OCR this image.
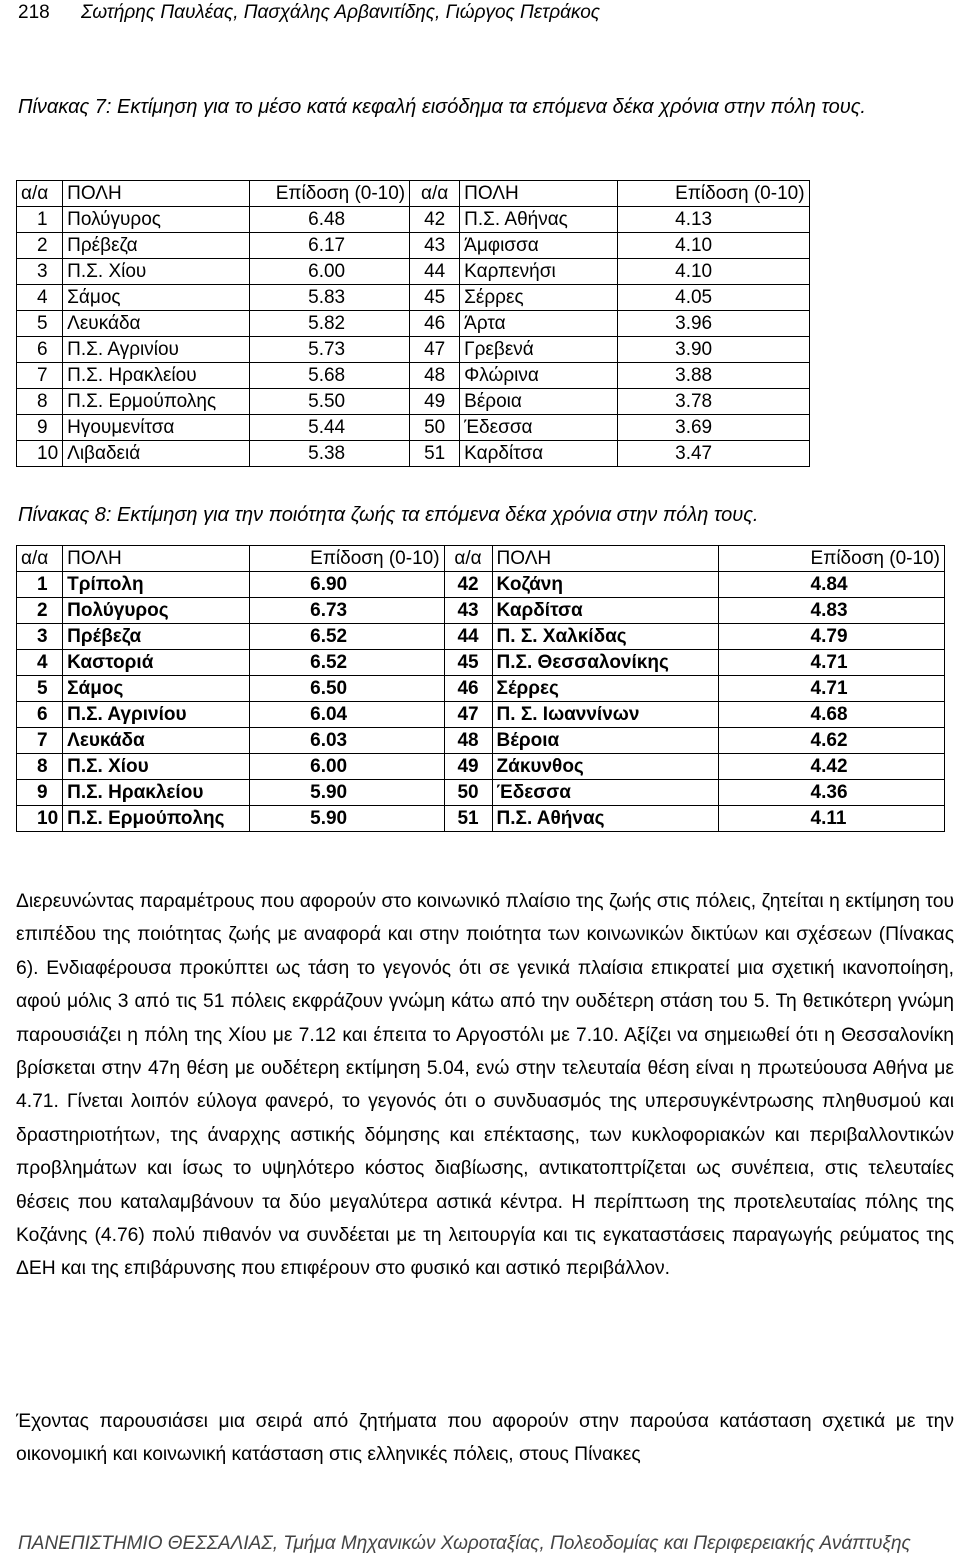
218 Σωτήρης Παυλέας, Πασχάλης Αρβανιτίδης, Γιώργος Πετράκος
Πίνακας 7: Εκτίμηση για το μέσο κατά κεφαλή εισόδημα τα επόμενα δέκα χρόνια στην πόλη τους.
α/α	ΠΟΛΗ	Επίδοση (0-10)	α/α	ΠΟΛΗ	Επίδοση (0-10)
1	Πολύγυρος	6.48	42	Π.Σ. Αθήνας	4.13
2	Πρέβεζα	6.17	43	Άμφισσα	4.10
3	Π.Σ. Χίου	6.00	44	Καρπενήσι	4.10
4	Σάμος	5.83	45	Σέρρες	4.05
5	Λευκάδα	5.82	46	Άρτα	3.96
6	Π.Σ. Αγρινίου	5.73	47	Γρεβενά	3.90
7	Π.Σ. Ηρακλείου	5.68	48	Φλώρινα	3.88
8	Π.Σ. Ερμούπολης	5.50	49	Βέροια	3.78
9	Ηγουμενίτσα	5.44	50	Έδεσσα	3.69
10	Λιβαδειά	5.38	51	Καρδίτσα	3.47
Πίνακας 8: Εκτίμηση για την ποιότητα ζωής τα επόμενα δέκα χρόνια στην πόλη τους.
α/α	ΠΟΛΗ	Επίδοση (0-10)	α/α	ΠΟΛΗ	Επίδοση (0-10)
1	Τρίπολη	6.90	42	Κοζάνη	4.84
2	Πολύγυρος	6.73	43	Καρδίτσα	4.83
3	Πρέβεζα	6.52	44	Π. Σ. Χαλκίδας	4.79
4	Καστοριά	6.52	45	Π.Σ. Θεσσαλονίκης	4.71
5	Σάμος	6.50	46	Σέρρες	4.71
6	Π.Σ. Αγρινίου	6.04	47	Π. Σ. Ιωαννίνων	4.68
7	Λευκάδα	6.03	48	Βέροια	4.62
8	Π.Σ. Χίου	6.00	49	Ζάκυνθος	4.42
9	Π.Σ. Ηρακλείου	5.90	50	Έδεσσα	4.36
10	Π.Σ. Ερμούπολης	5.90	51	Π.Σ. Αθήνας	4.11
Διερευνώντας παραμέτρους που αφορούν στο κοινωνικό πλαίσιο της ζωής στις πόλεις, ζητείται η εκτίμηση του επιπέδου της ποιότητας ζωής με αναφορά και στην ποιότητα των κοινωνικών δικτύων και σχέσεων (Πίνακας 6). Ενδιαφέρουσα προκύπτει ως τάση το γεγονός ότι σε γενικά πλαίσια επικρατεί μια σχετική ικανοποίηση, αφού μόλις 3 από τις 51 πόλεις εκφράζουν γνώμη κάτω από την ουδέτερη στάση του 5. Τη θετικότερη γνώμη παρουσιάζει η πόλη της Χίου με 7.12 και έπειτα το Αργοστόλι με 7.10. Αξίζει να σημειωθεί ότι η Θεσσαλονίκη βρίσκεται στην 47η θέση με ουδέτερη εκτίμηση 5.04, ενώ στην τελευταία θέση είναι η πρωτεύουσα Αθήνα με 4.71. Γίνεται λοιπόν εύλογα φανερό, το γεγονός ότι ο συνδυασμός της υπερσυγκέντρωσης πληθυσμού και δραστηριοτήτων, της άναρχης αστικής δόμησης και επέκτασης, των κυκλοφοριακών και περιβαλλοντικών προβλημάτων και ίσως το υψηλότερο κόστος διαβίωσης, αντικατοπτρίζεται ως συνέπεια, στις τελευταίες θέσεις που καταλαμβάνουν τα δύο μεγαλύτερα αστικά κέντρα. Η περίπτωση της προτελευταίας πόλης της Κοζάνης (4.76) πολύ πιθανόν να συνδέεται με τη λειτουργία και τις εγκαταστάσεις παραγωγής ρεύματος της ΔΕΗ και της επιβάρυνσης που επιφέρουν στο φυσικό και αστικό περιβάλλον.
Έχοντας παρουσιάσει μια σειρά από ζητήματα που αφορούν στην παρούσα κατάσταση σχετικά με την οικονομική και κοινωνική κατάσταση στις ελληνικές πόλεις, στους Πίνακες
ΠΑΝΕΠΙΣΤΗΜΙΟ ΘΕΣΣΑΛΙΑΣ, Τμήμα Μηχανικών Χωροταξίας, Πολεοδομίας και Περιφερειακής Ανάπτυξης
